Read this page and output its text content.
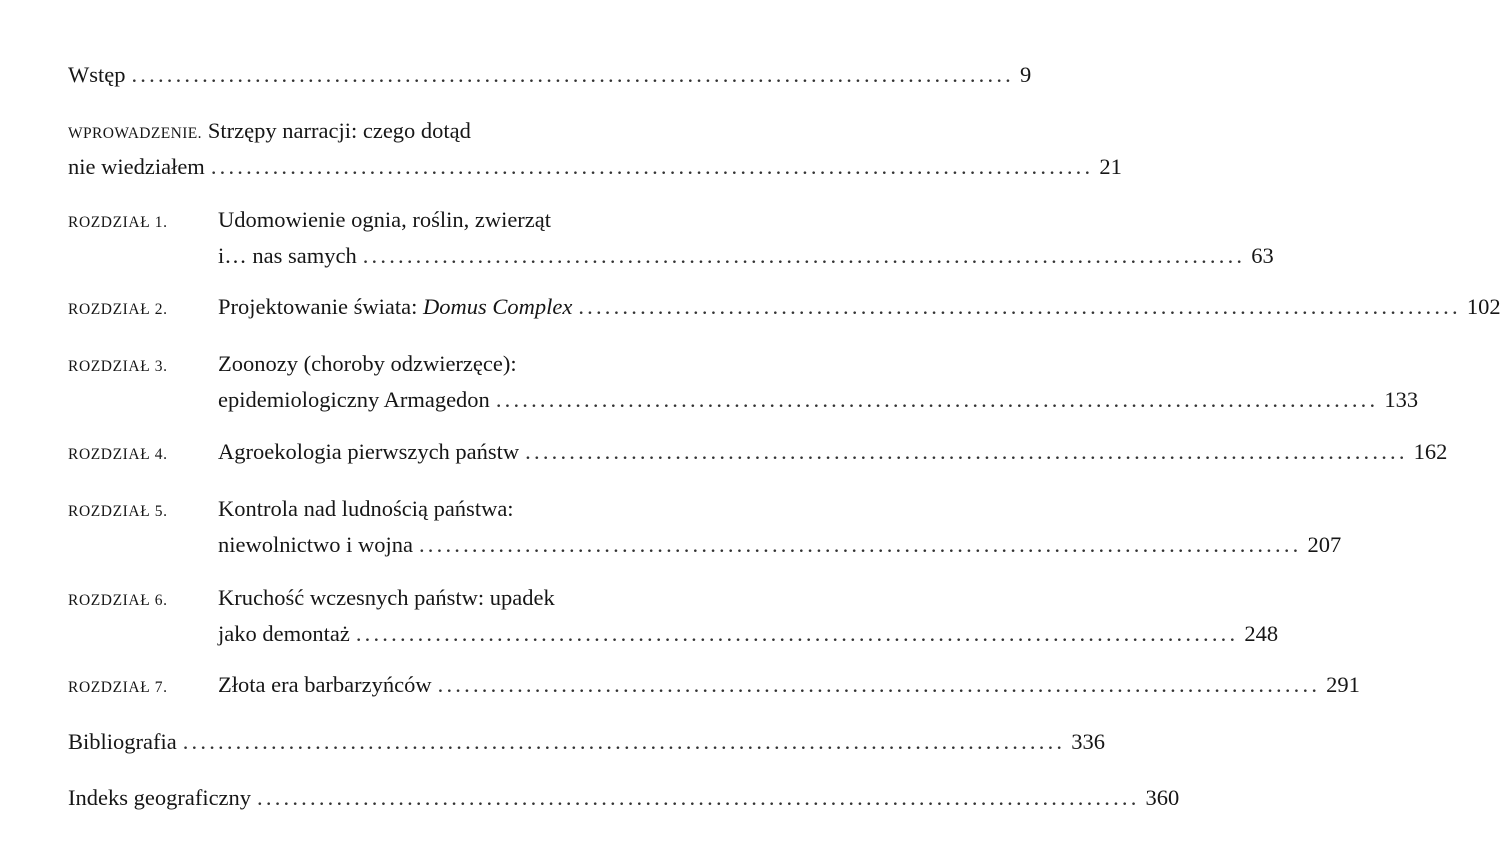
Wstęp .................................................................................................... 9
WPROWADZENIE. Strzępy narracji: czego dotąd
nie wiedziałem .................................................................................................... 21
ROZDZIAŁ 1.	Udomowienie ognia, roślin, zwierząt
i… nas samych .................................................................................................... 63
ROZDZIAŁ 2.	Projektowanie świata: Domus Complex .................................................................................................... 102
ROZDZIAŁ 3.	Zoonozy (choroby odzwierzęce):
epidemiologiczny Armagedon .................................................................................................... 133
ROZDZIAŁ 4.	Agroekologia pierwszych państw .................................................................................................... 162
ROZDZIAŁ 5.	Kontrola nad ludnością państwa:
niewolnictwo i wojna .................................................................................................... 207
ROZDZIAŁ 6.	Kruchość wczesnych państw: upadek
jako demontaż .................................................................................................... 248
ROZDZIAŁ 7.	Złota era barbarzyńców .................................................................................................... 291
Bibliografia .................................................................................................... 336
Indeks geograficzny .................................................................................................... 360
